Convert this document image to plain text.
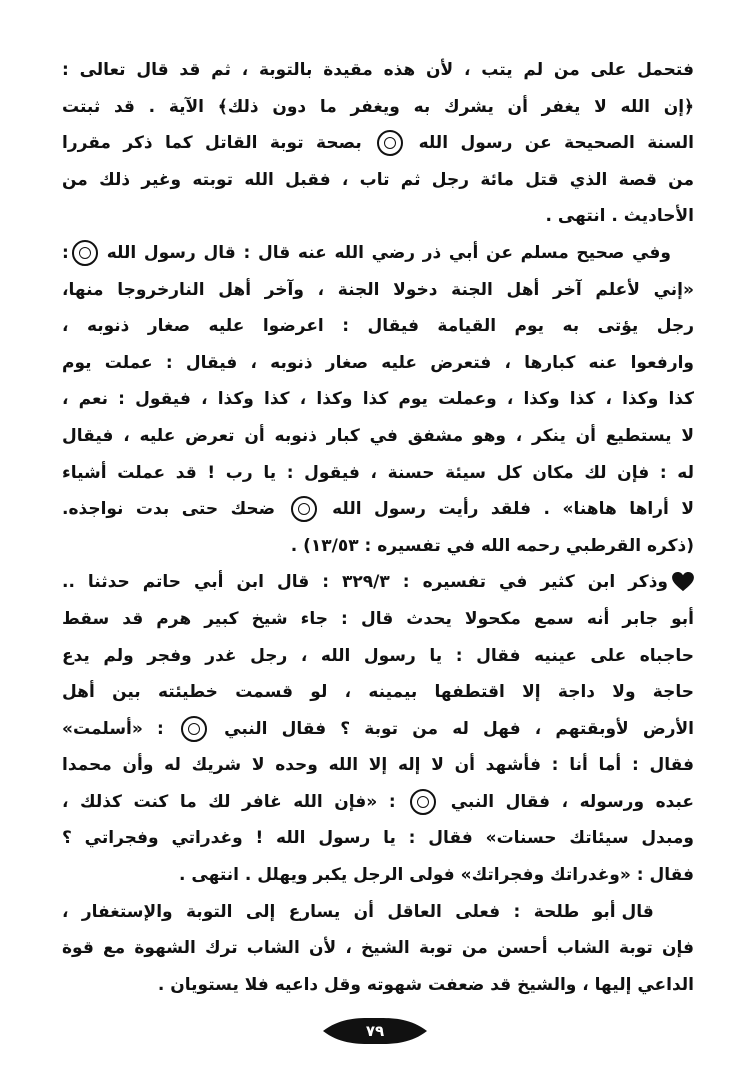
فتحمل على من لم يتب ، لأن هذه مقيدة بالتوبة ، ثم قد قال تعالى :
﴿إن الله لا يغفر أن يشرك به ويغفر ما دون ذلك﴾ الآية . قد ثبتت
السنة الصحيحة عن رسول الله  بصحة توبة القاتل كما ذكر مقررا
من قصة الذي قتل مائة رجل ثم تاب ، فقبل الله توبته وغير ذلك من
الأحاديث . انتهى .
وفي صحيح مسلم عن أبي ذر رضي الله عنه قال : قال رسول الله :
«إني لأعلم آخر أهل الجنة دخولا الجنة ، وآخر أهل النارخروجا منها،
رجل يؤتى به يوم القيامة فيقال : اعرضوا عليه صغار ذنوبه ،
وارفعوا عنه كبارها ، فتعرض عليه صغار ذنوبه ، فيقال : عملت يوم
كذا وكذا ، كذا وكذا ، وعملت يوم كذا وكذا ، كذا وكذا ، فيقول : نعم ،
لا يستطيع أن ينكر ، وهو مشفق في كبار ذنوبه أن تعرض عليه ، فيقال
له : فإن لك مكان كل سيئة حسنة ، فيقول : يا رب ! قد عملت أشياء
لا أراها هاهنا» . فلقد رأيت رسول الله  ضحك حتى بدت نواجذه.
(ذكره القرطبي رحمه الله في تفسيره : ١٣/٥٣) .
وذكر ابن كثير في تفسيره : ٣٢٩/٣ : قال ابن أبي حاتم حدثنا ..
أبو جابر أنه سمع مكحولا يحدث قال : جاء شيخ كبير هرم قد سقط
حاجباه على عينيه فقال : يا رسول الله ، رجل غدر وفجر ولم يدع
حاجة ولا داجة إلا اقتطفها بيمينه ، لو قسمت خطيئته بين أهل
الأرض لأوبقتهم ، فهل له من توبة ؟ فقال النبي  : «أسلمت»
فقال : أما أنا : فأشهد أن لا إله إلا الله وحده لا شريك له وأن محمدا
عبده ورسوله ، فقال النبي  : «فإن الله غافر لك ما كنت كذلك ،
ومبدل سيئاتك حسنات» فقال : يا رسول الله ! وغدراتي وفجراتي ؟
فقال : «وغدراتك وفجراتك» فولى الرجل يكبر ويهلل . انتهى .
قال أبو طلحة : فعلى العاقل أن يسارع إلى التوبة والإستغفار ،
فإن توبة الشاب أحسن من توبة الشيخ ، لأن الشاب ترك الشهوة مع قوة
الداعي إليها ، والشيخ قد ضعفت شهوته وقل داعيه فلا يستويان .
٧٩
